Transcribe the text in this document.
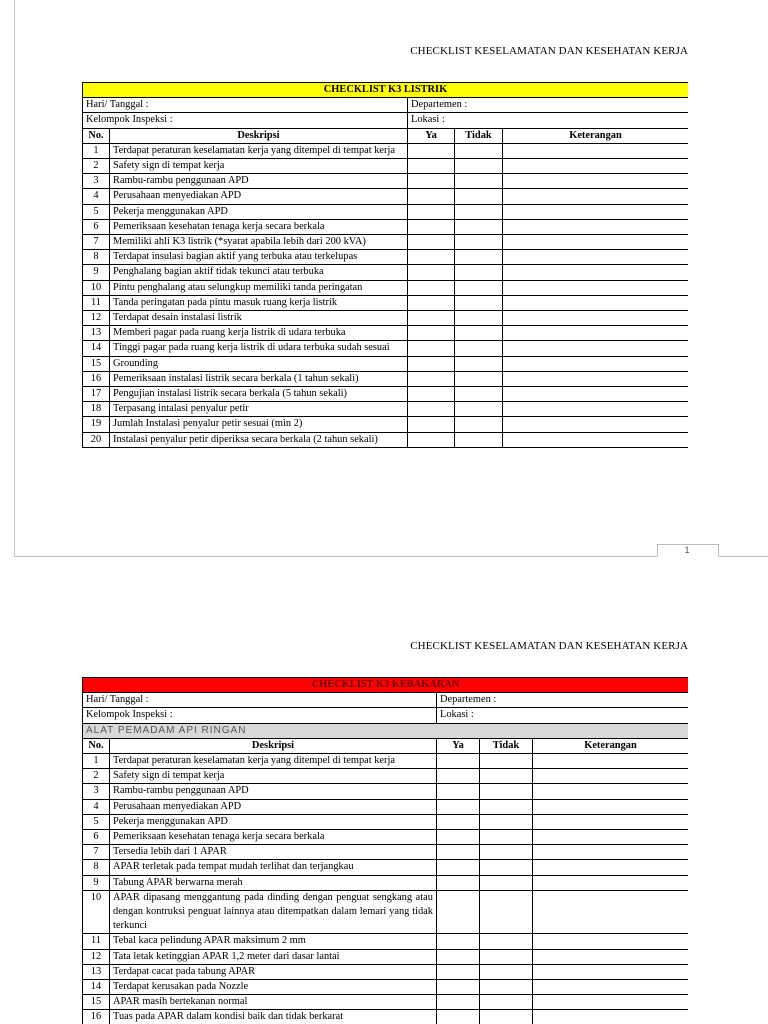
CHECKLIST KESELAMATAN DAN KESEHATAN KERJA
CHECKLIST K3 LISTRIK				
Hari/ Tanggal :		Departemen :		
Kelompok Inspeksi :		Lokasi :		
No.	Deskripsi	Ya	Tidak	Keterangan
1	Terdapat peraturan keselamatan kerja yang ditempel di tempat kerja			
2	Safety sign di tempat kerja			
3	Rambu-rambu penggunaan APD			
4	Perusahaan menyediakan APD			
5	Pekerja menggunakan APD			
6	Pemeriksaan kesehatan tenaga kerja secara berkala			
7	Memiliki ahli K3 listrik (*syarat apabila lebih dari 200 kVA)			
8	Terdapat insulasi bagian aktif yang terbuka atau terkelupas			
9	Penghalang bagian aktif tidak tekunci atau terbuka			
10	Pintu penghalang atau selungkup memiliki tanda peringatan			
11	Tanda peringatan pada pintu masuk ruang kerja listrik			
12	Terdapat desain instalasi listrik			
13	Memberi pagar pada ruang kerja listrik di udara terbuka			
14	Tinggi pagar pada ruang kerja listrik di udara terbuka sudah sesuai			
15	Grounding			
16	Pemeriksaan instalasi listrik secara berkala (1 tahun sekali)			
17	Pengujian instalasi listrik secara berkala (5 tahun sekali)			
18	Terpasang intalasi penyalur petir			
19	Jumlah Instalasi penyalur petir sesuai (min 2)			
20	Instalasi penyalur petir diperiksa secara berkala (2 tahun sekali)			
1
CHECKLIST KESELAMATAN DAN KESEHATAN KERJA
CHECKLIST K3 KEBAKARAN				
Hari/ Tanggal :		Departemen :		
Kelompok Inspeksi :		Lokasi :		
ALAT PEMADAM API RINGAN				
No.	Deskripsi	Ya	Tidak	Keterangan
1	Terdapat peraturan keselamatan kerja yang ditempel di tempat kerja			
2	Safety sign di tempat kerja			
3	Rambu-rambu penggunaan APD			
4	Perusahaan menyediakan APD			
5	Pekerja menggunakan APD			
6	Pemeriksaan kesehatan tenaga kerja secara berkala			
7	Tersedia lebih dari 1 APAR			
8	APAR terletak pada tempat mudah terlihat dan terjangkau			
9	Tabung APAR berwarna merah			
10	APAR dipasang menggantung pada dinding dengan penguat sengkang atau dengan kontruksi penguat lainnya atau ditempatkan dalam lemari yang tidak terkunci			
11	Tebal kaca pelindung APAR maksimum 2 mm			
12	Tata letak ketinggian APAR 1,2 meter dari dasar lantai			
13	Terdapat cacat pada tabung APAR			
14	Terdapat kerusakan pada Nozzle			
15	APAR masih bertekanan normal			
16	Tuas pada APAR dalam kondisi baik dan tidak berkarat			
